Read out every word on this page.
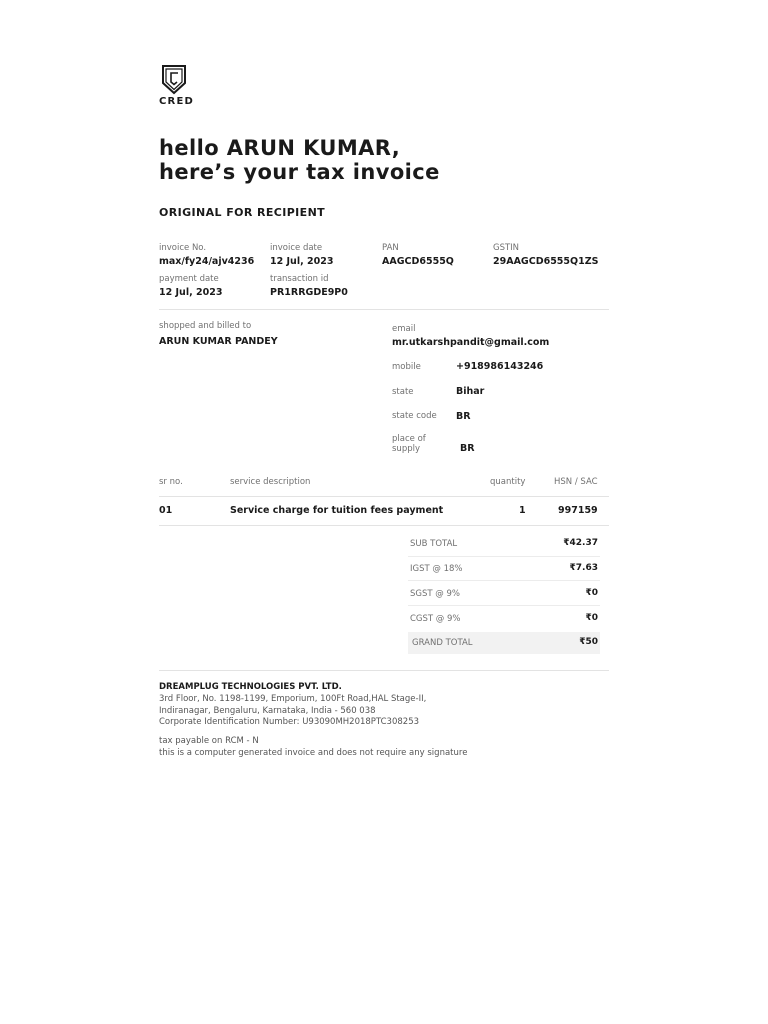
CRED
hello ARUN KUMAR,
here’s your tax invoice
ORIGINAL FOR RECIPIENT
invoice No.
max/fy24/ajv4236
invoice date
12 Jul, 2023
PAN
AAGCD6555Q
GSTIN
29AAGCD6555Q1ZS
payment date
12 Jul, 2023
transaction id
PR1RRGDE9P0
shopped and billed to
ARUN KUMAR PANDEY
email
mr.utkarshpandit@gmail.com
mobile	+918986143246
state	Bihar
state code BR
place of
supply	BR
sr no.	service description	quantity	HSN / SAC
01	Service charge for tuition fees payment	1	997159
SUB TOTAL	₹42.37
IGST @ 18%	₹7.63
SGST @ 9%	₹0
CGST @ 9%	₹0
GRAND TOTAL	₹50
DREAMPLUG TECHNOLOGIES PVT. LTD.
3rd Floor, No. 1198-1199, Emporium, 100Ft Road,HAL Stage-II,
Indiranagar, Bengaluru, Karnataka, India - 560 038
Corporate Identification Number: U93090MH2018PTC308253
tax payable on RCM - N
this is a computer generated invoice and does not require any signature
